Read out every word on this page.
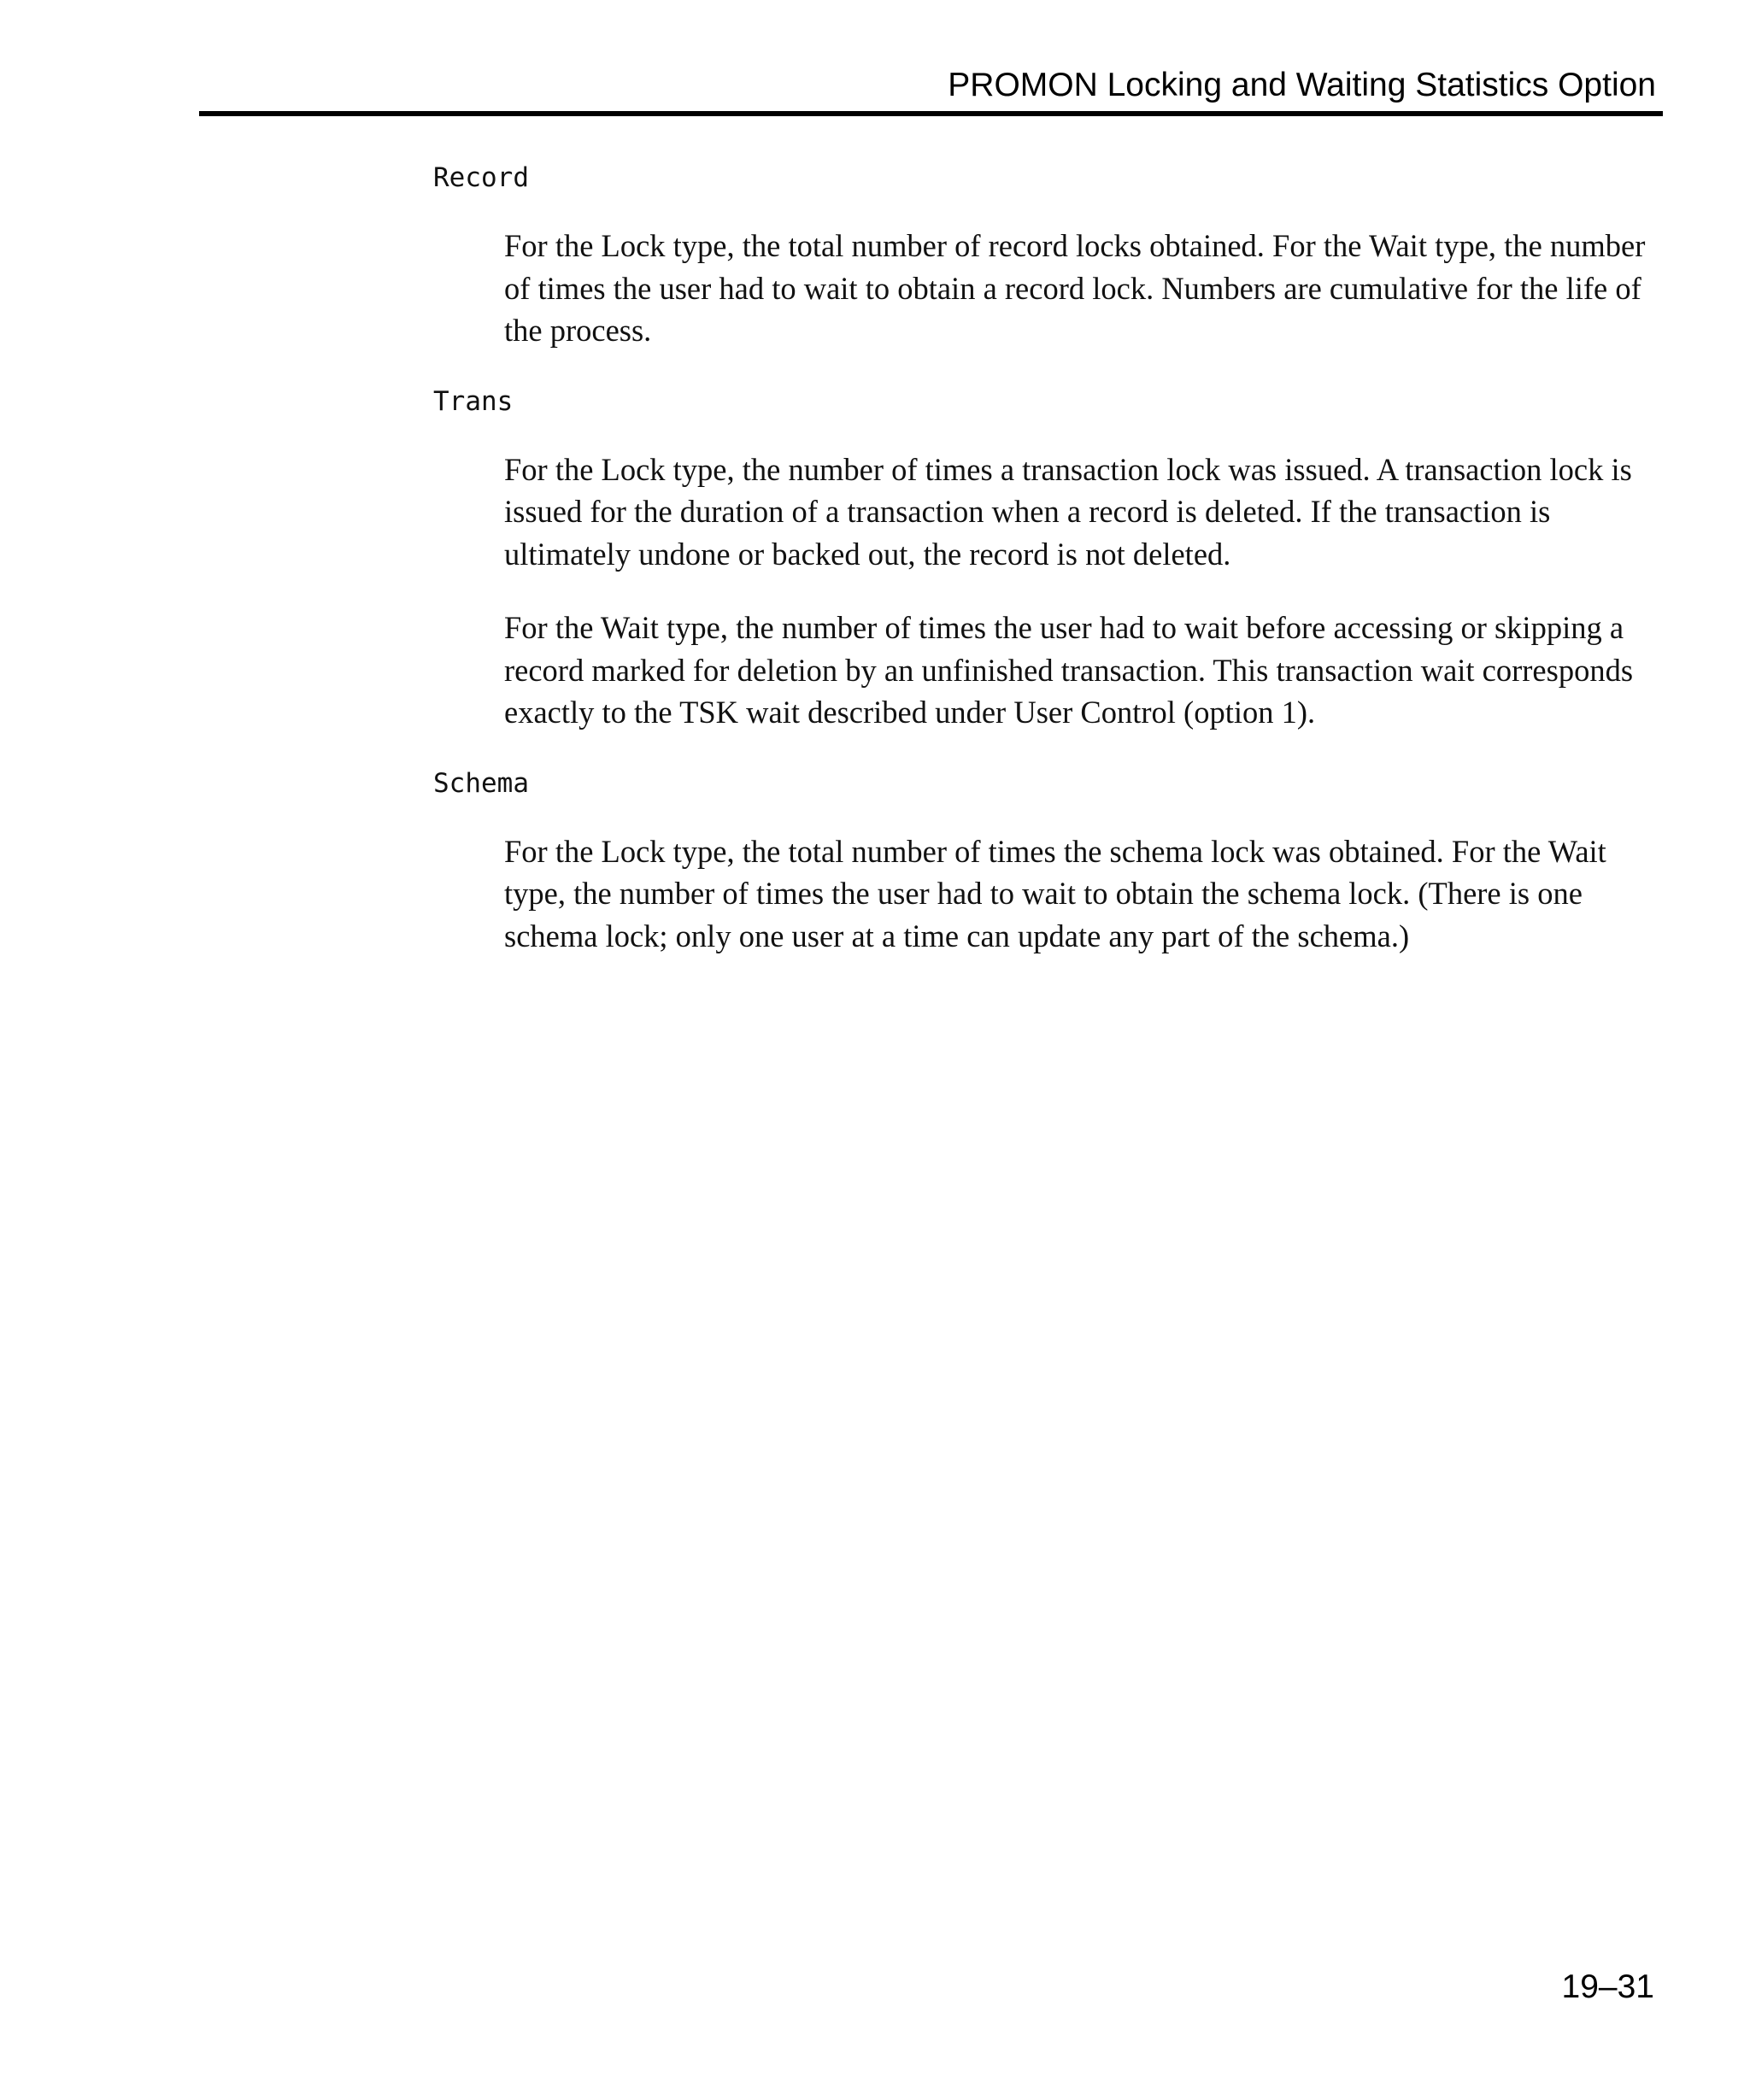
PROMON Locking and Waiting Statistics Option
Record

For the Lock type, the total number of record locks obtained. For the Wait type, the number of times the user had to wait to obtain a record lock. Numbers are cumulative for the life of the process.

Trans

For the Lock type, the number of times a transaction lock was issued. A transaction lock is issued for the duration of a transaction when a record is deleted. If the transaction is ultimately undone or backed out, the record is not deleted.

For the Wait type, the number of times the user had to wait before accessing or skipping a record marked for deletion by an unfinished transaction. This transaction wait corresponds exactly to the TSK wait described under User Control (option 1).

Schema

For the Lock type, the total number of times the schema lock was obtained. For the Wait type, the number of times the user had to wait to obtain the schema lock. (There is one schema lock; only one user at a time can update any part of the schema.)

19–31
